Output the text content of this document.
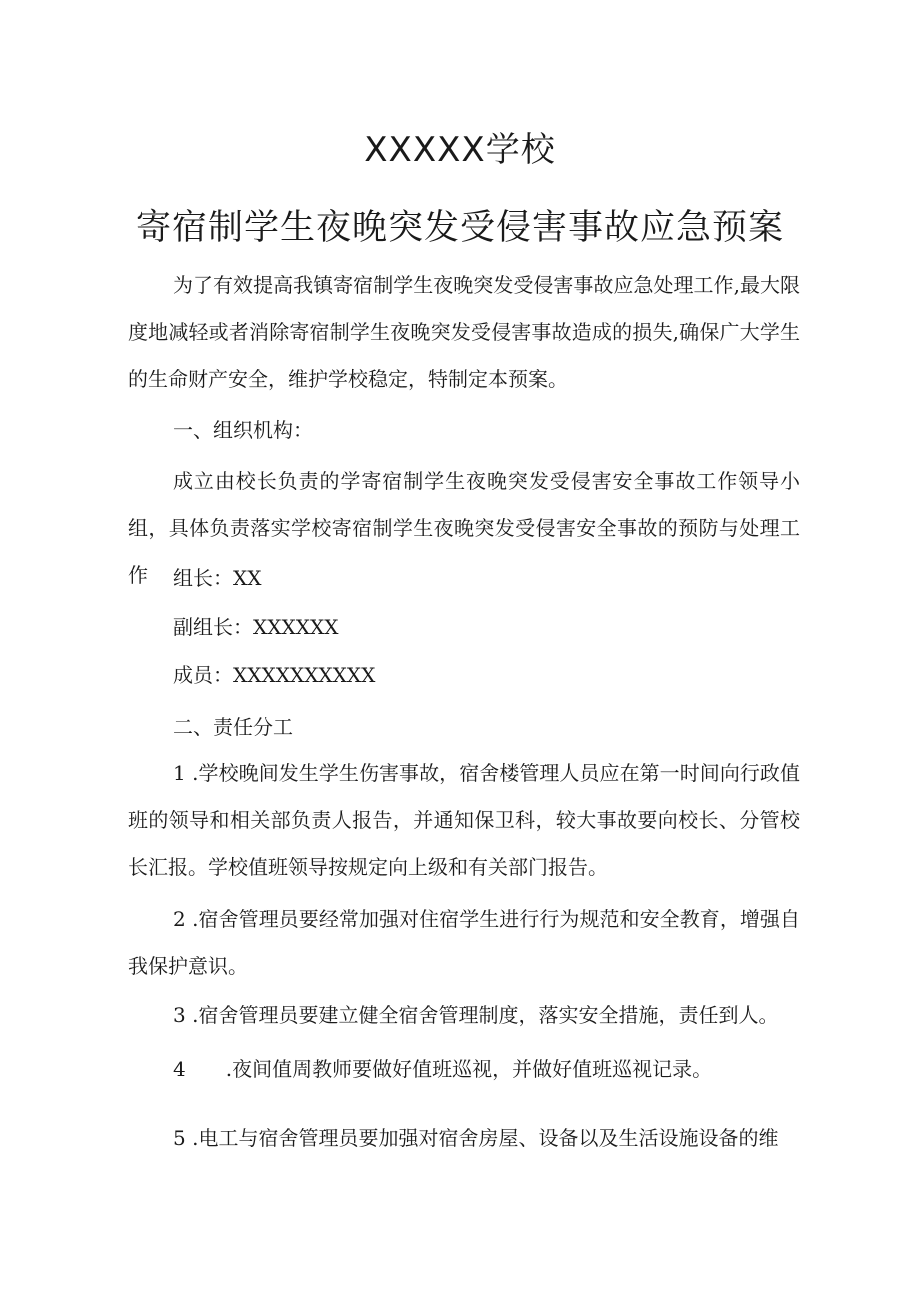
XXXXX学校
寄宿制学生夜晚突发受侵害事故应急预案

为了有效提高我镇寄宿制学生夜晚突发受侵害事故应急处理工作,最大限度地减轻或者消除寄宿制学生夜晚突发受侵害事故造成的损失,确保广大学生的生命财产安全，维护学校稳定，特制定本预案。

一、组织机构：

成立由校长负责的学寄宿制学生夜晚突发受侵害安全事故工作领导小组，具体负责落实学校寄宿制学生夜晚突发受侵害安全事故的预防与处理工作	组长：XX

副组长：XXXXXX

成员：XXXXXXXXXX

二、责任分工

1 .学校晚间发生学生伤害事故，宿舍楼管理人员应在第一时间向行政值班的领导和相关部负责人报告，并通知保卫科，较大事故要向校长、分管校长汇报。学校值班领导按规定向上级和有关部门报告。

2 .宿舍管理员要经常加强对住宿学生进行行为规范和安全教育，增强自我保护意识。

3 .宿舍管理员要建立健全宿舍管理制度，落实安全措施，责任到人。

4　　.夜间值周教师要做好值班巡视，并做好值班巡视记录。

5 .电工与宿舍管理员要加强对宿舍房屋、设备以及生活设施设备的维
